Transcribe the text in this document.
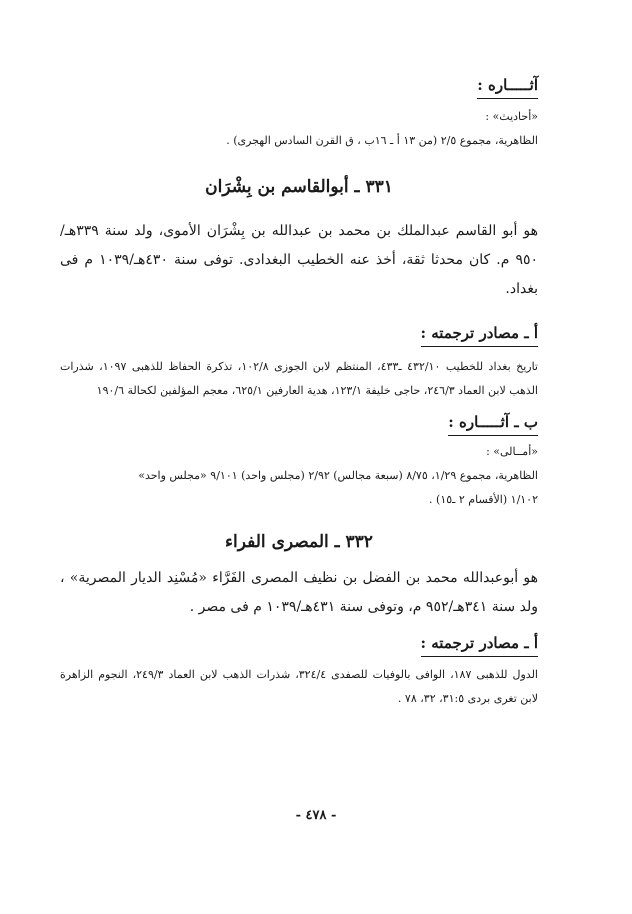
آثـــــاره :

«أحاديث» :

الظاهرية، مجموع ٢/٥ (من ١٣ أ ـ ١٦ب ، ق القرن السادس الهجرى) .

٣٣١ ـ أبوالقاسم بن بِشْرَان
هو أبو القاسم عبدالملك بن محمد بن عبدالله بن بِشْرَان الأموى، ولد سنة ٣٣٩هـ/٩٥٠ م. كان محدثا ثقة، أخذ عنه الخطيب البغدادى. توفى سنة ٤٣٠هـ/١٠٣٩ م فى بغداد.
أ ـ مصادر ترجمته :
تاريخ بغداد للخطيب ٤٣٢/١٠ ـ٤٣٣، المنتظم لابن الجوزى ١٠٢/٨، تذكرة الحفاظ للذهبى ١٠٩٧، شذرات الذهب لابن العماد ٢٤٦/٣، حاجى خليفة ١٢٣/١، هدية العارفين ٦٢٥/١، معجم المؤلفين لكحالة ١٩٠/٦
ب ـ آثـــــاره :

«أمــالى» :

الظاهرية، مجموع ١/٢٩، ٨/٧٥ (سبعة مجالس) ٢/٩٢ (مجلس واحد) ٩/١٠١ «مجلس واحد»

١/١٠٢ (الأقسام ٢ ـ١٥) .

٣٣٢ ـ المصرى الفراء
هو أبوعبدالله محمد بن الفضل بن نظيف المصرى الفَرَّاء «مُسْنِد الديار المصرية» ، ولد سنة ٣٤١هـ/٩٥٢ م، وتوفى سنة ٤٣١هـ/١٠٣٩ م فى مصر .
أ ـ مصادر ترجمته :
الدول للذهبى ١٨٧، الوافى بالوفيات للصفدى ٣٢٤/٤، شذرات الذهب لابن العماد ٢٤٩/٣، النجوم الزاهرة لابن تغرى بردى ٣١:٥، ٣٢، ٧٨ .
- ٤٧٨ -
